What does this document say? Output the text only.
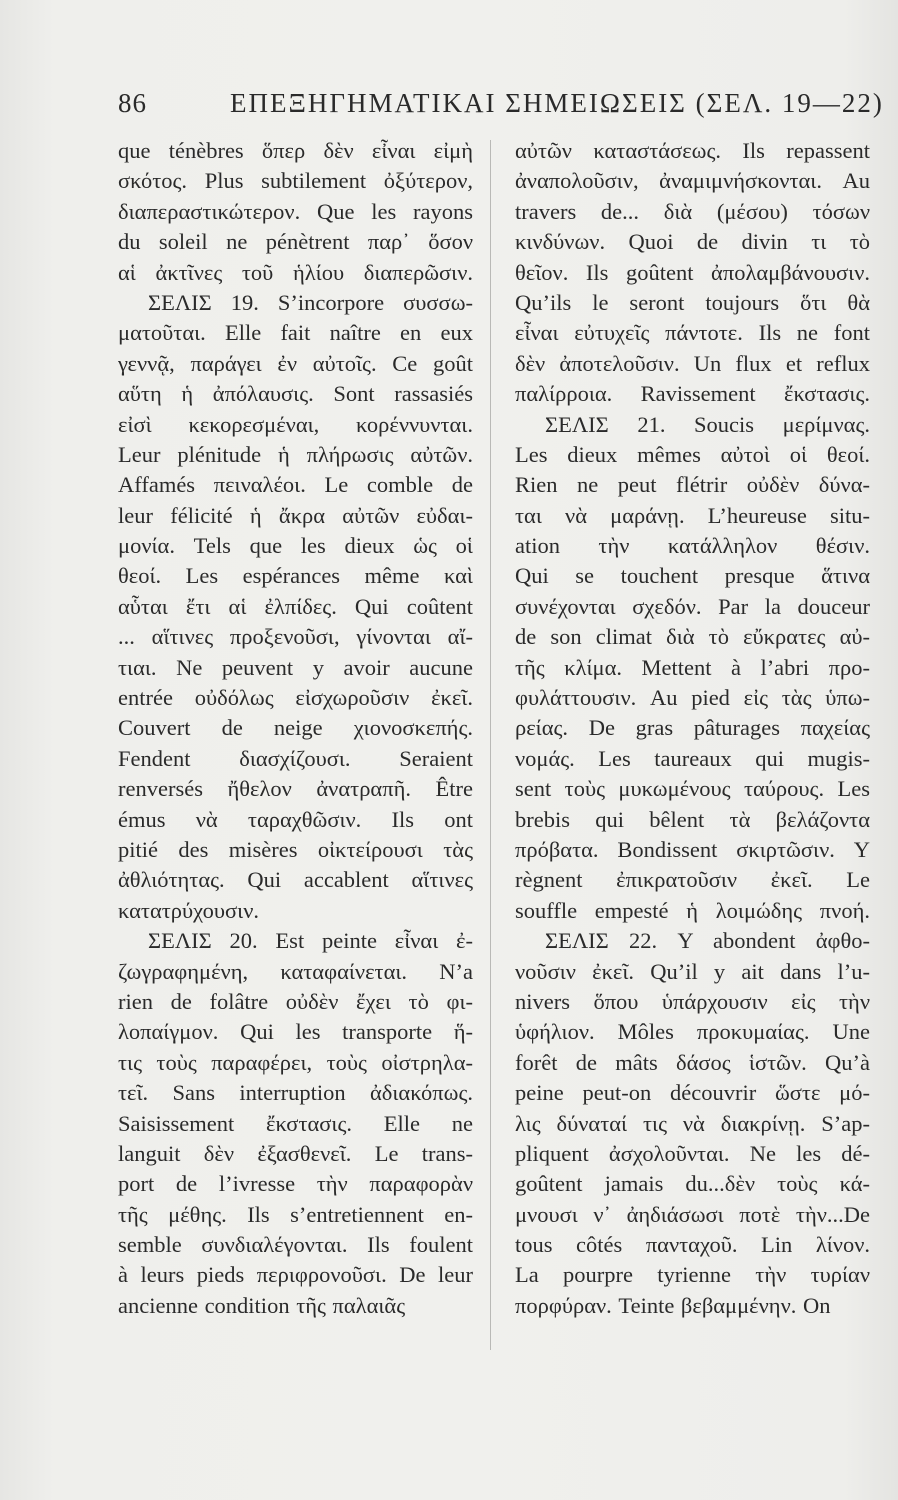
86	ΕΠΕΞΗΓΗΜΑΤΙΚΑΙ ΣΗΜΕΙΩΣΕΙΣ (ΣΕΛ. 19—22)
que ténèbres ὅπερ δὲν εἶναι εἰμὴ
σκότος. Plus subtilement ὀξύτερον,
διαπεραστικώτερον. Que les rayons
du soleil ne pénètrent παρ᾽ ὅσον
αἱ ἀκτῖνες τοῦ ἡλίου διαπερῶσιν.
ΣΕΛΙΣ 19. S’incorpore συσσω-
ματοῦται. Elle fait naître en eux
γεννᾷ, παράγει ἐν αὐτοῖς. Ce goût
αὕτη ἡ ἀπόλαυσις. Sont rassasiés
εἰσὶ κεκορεσμέναι, κορέννυνται.
Leur plénitude ἡ πλήρωσις αὐτῶν.
Affamés πειναλέοι. Le comble de
leur félicité ἡ ἄκρα αὐτῶν εὐδαι-
μονία. Tels que les dieux ὡς οἱ
θεοί. Les espérances même καὶ
αὗται ἔτι αἱ ἐλπίδες. Qui coûtent
... αἵτινες προξενοῦσι, γίνονται αἴ-
τιαι. Ne peuvent y avoir aucune
entrée οὐδόλως εἰσχωροῦσιν ἐκεῖ.
Couvert de neige χιονοσκεπής.
Fendent διασχίζουσι. Seraient
renversés ἤθελον ἀνατραπῆ. Être
émus νὰ ταραχθῶσιν. Ils ont
pitié des misères οἰκτείρουσι τὰς
ἀθλιότητας. Qui accablent αἵτινες
κατατρύχουσιν.
ΣΕΛΙΣ 20. Est peinte εἶναι ἐ-
ζωγραφημένη, καταφαίνεται. N’a
rien de folâtre οὐδὲν ἔχει τὸ φι-
λοπαίγμον. Qui les transporte ἥ-
τις τοὺς παραφέρει, τοὺς οἰστρηλα-
τεῖ. Sans interruption ἀδιακόπως.
Saisissement ἔκστασις. Elle ne
languit δὲν ἐξασθενεῖ. Le trans-
port de l’ivresse τὴν παραφορὰν
τῆς μέθης. Ils s’entretiennent en-
semble συνδιαλέγονται. Ils foulent
à leurs pieds περιφρονοῦσι. De leur
ancienne condition τῆς παλαιᾶς
αὐτῶν καταστάσεως. Ils repassent
ἀναπολοῦσιν, ἀναμιμνήσκονται. Au
travers de... διὰ (μέσου) τόσων
κινδύνων. Quoi de divin τι τὸ
θεῖον. Ils goûtent ἀπολαμβάνουσιν.
Qu’ils le seront toujours ὅτι θὰ
εἶναι εὐτυχεῖς πάντοτε. Ils ne font
δὲν ἀποτελοῦσιν. Un flux et reflux
παλίρροια. Ravissement ἔκστασις.
ΣΕΛΙΣ 21. Soucis μερίμνας.
Les dieux mêmes αὐτοὶ οἱ θεοί.
Rien ne peut flétrir οὐδὲν δύνα-
ται νὰ μαράνῃ. L’heureuse situ-
ation τὴν κατάλληλον θέσιν.
Qui se touchent presque ἅτινα
συνέχονται σχεδόν. Par la douceur
de son climat διὰ τὸ εὔκρατες αὐ-
τῆς κλίμα. Mettent à l’abri προ-
φυλάττουσιν. Au pied εἰς τὰς ὑπω-
ρείας. De gras pâturages παχείας
νομάς. Les taureaux qui mugis-
sent τοὺς μυκωμένους ταύρους. Les
brebis qui bêlent τὰ βελάζοντα
πρόβατα. Bondissent σκιρτῶσιν. Y
règnent ἐπικρατοῦσιν ἐκεῖ. Le
souffle empesté ἡ λοιμώδης πνοή.
ΣΕΛΙΣ 22. Y abondent ἀφθο-
νοῦσιν ἐκεῖ. Qu’il y ait dans l’u-
nivers ὅπου ὑπάρχουσιν εἰς τὴν
ὑφήλιον. Môles προκυμαίας. Une
forêt de mâts δάσος ἱστῶν. Qu’à
peine peut-on découvrir ὥστε μό-
λις δύναταί τις νὰ διακρίνῃ. S’ap-
pliquent ἀσχολοῦνται. Ne les dé-
goûtent jamais du...δὲν τοὺς κά-
μνουσι ν᾽ ἀηδιάσωσι ποτὲ τὴν...De
tous côtés πανταχοῦ. Lin λίνον.
La pourpre tyrienne τὴν τυρίαν
πορφύραν. Teinte βεβαμμένην. On
